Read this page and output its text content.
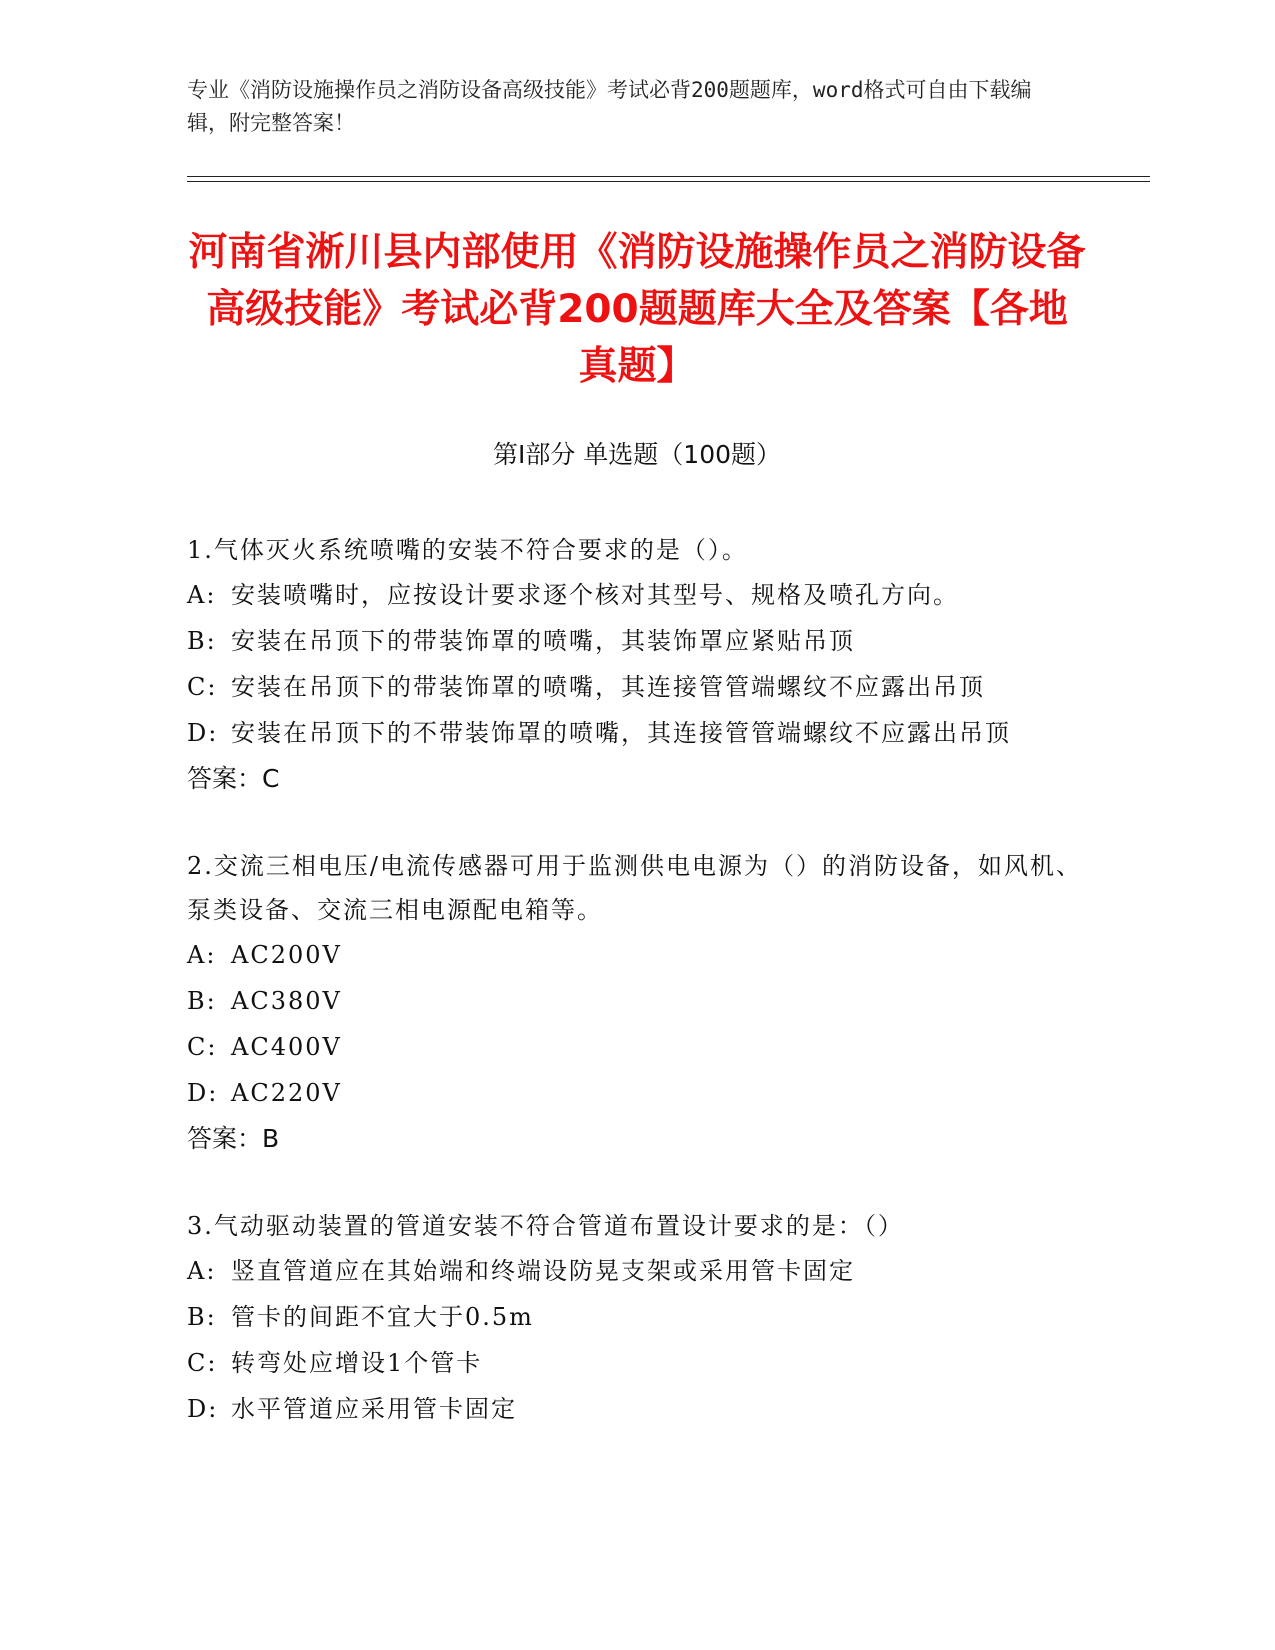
专业《消防设施操作员之消防设备高级技能》考试必背200题题库，word格式可自由下载编辑，附完整答案！
河南省淅川县内部使用《消防设施操作员之消防设备高级技能》考试必背200题题库大全及答案【各地真题】
第Ⅰ部分 单选题（100题）
1.气体灭火系统喷嘴的安装不符合要求的是（）。
A: 安装喷嘴时，应按设计要求逐个核对其型号、规格及喷孔方向。
B: 安装在吊顶下的带装饰罩的喷嘴，其装饰罩应紧贴吊顶
C: 安装在吊顶下的带装饰罩的喷嘴，其连接管管端螺纹不应露出吊顶
D: 安装在吊顶下的不带装饰罩的喷嘴，其连接管管端螺纹不应露出吊顶
答案：C
2.交流三相电压/电流传感器可用于监测供电电源为（）的消防设备，如风机、泵类设备、交流三相电源配电箱等。
A: AC200V
B: AC380V
C: AC400V
D: AC220V
答案：B
3.气动驱动装置的管道安装不符合管道布置设计要求的是：（）
A: 竖直管道应在其始端和终端设防晃支架或采用管卡固定
B: 管卡的间距不宜大于0.5m
C: 转弯处应增设1个管卡
D: 水平管道应采用管卡固定
